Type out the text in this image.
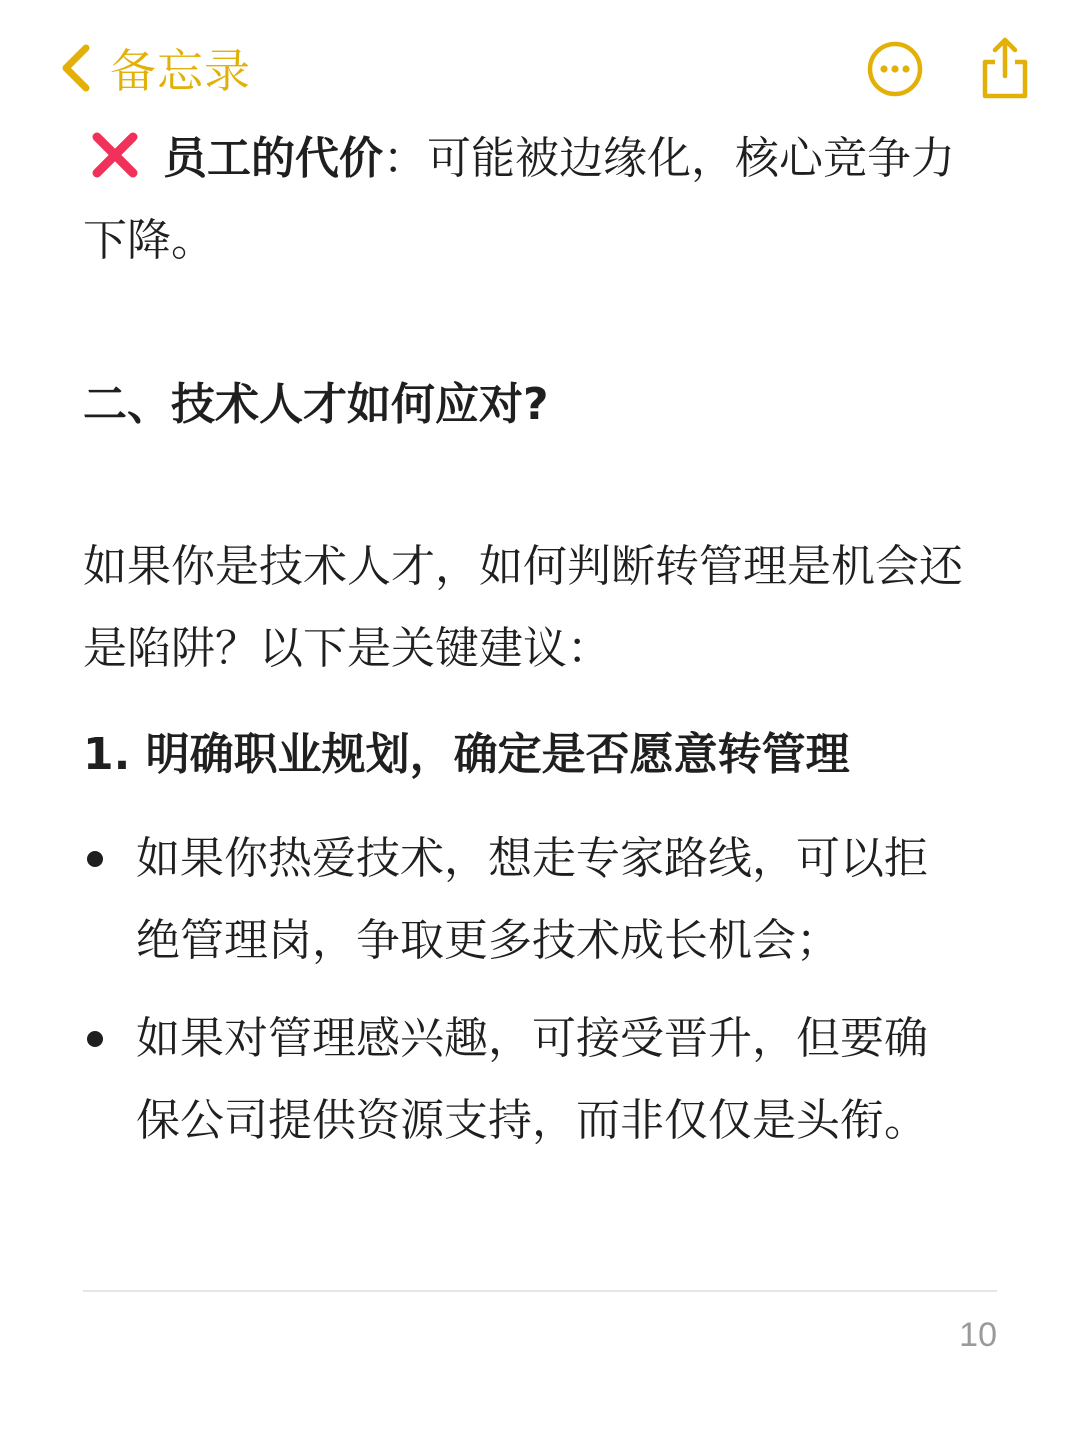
备忘录

员工的代价：可能被边缘化，核心竞争力
下降。

二、技术人才如何应对?

如果你是技术人才，如何判断转管理是机会还
是陷阱？以下是关键建议：

1. 明确职业规划，确定是否愿意转管理
如果你热爱技术，想走专家路线，可以拒
绝管理岗，争取更多技术成长机会；
如果对管理感兴趣，可接受晋升，但要确
保公司提供资源支持，而非仅仅是头衔。
10
